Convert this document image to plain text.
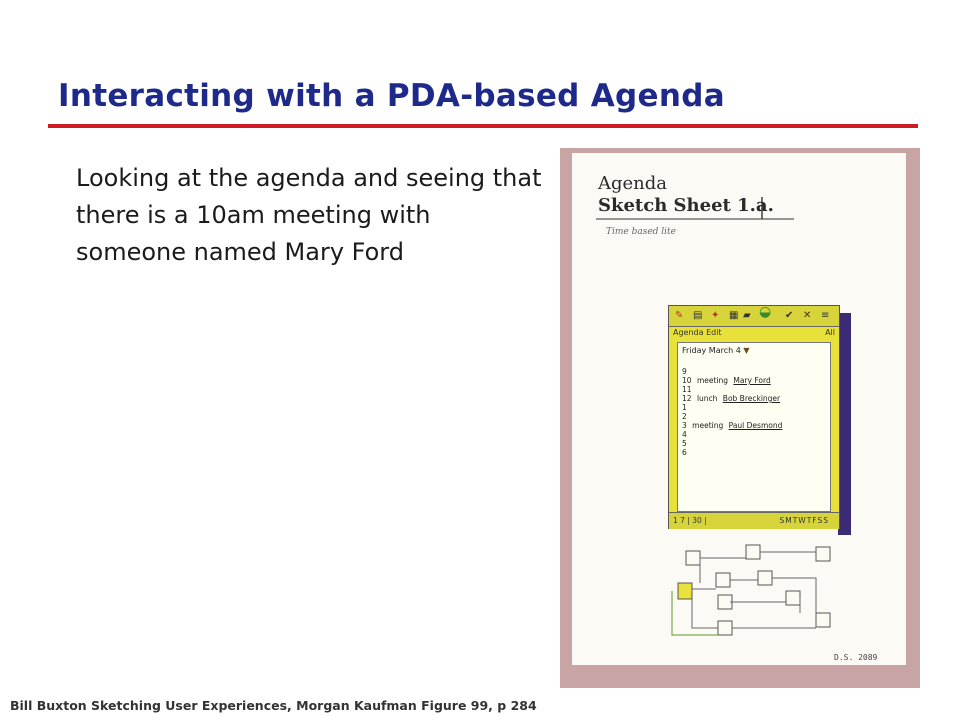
Interacting with a PDA-based Agenda
Looking at the agenda and seeing that there is a 10am meeting with someone named Mary Ford
Agenda
Sketch Sheet 1.a.
Time based lite
✎ ▤ ✦ ▦ ▰ ◒ ✔ ✕ ≡
Agenda Edit	All
Friday March 4 ▼
9
10 meeting Mary Ford
11
12 lunch Bob Breckinger
1
2
3 meeting Paul Desmond
4
5
6
1 7 | 30 |	SMTWTFSS
D.S. 2089
Bill Buxton Sketching User Experiences, Morgan Kaufman Figure 99, p 284
